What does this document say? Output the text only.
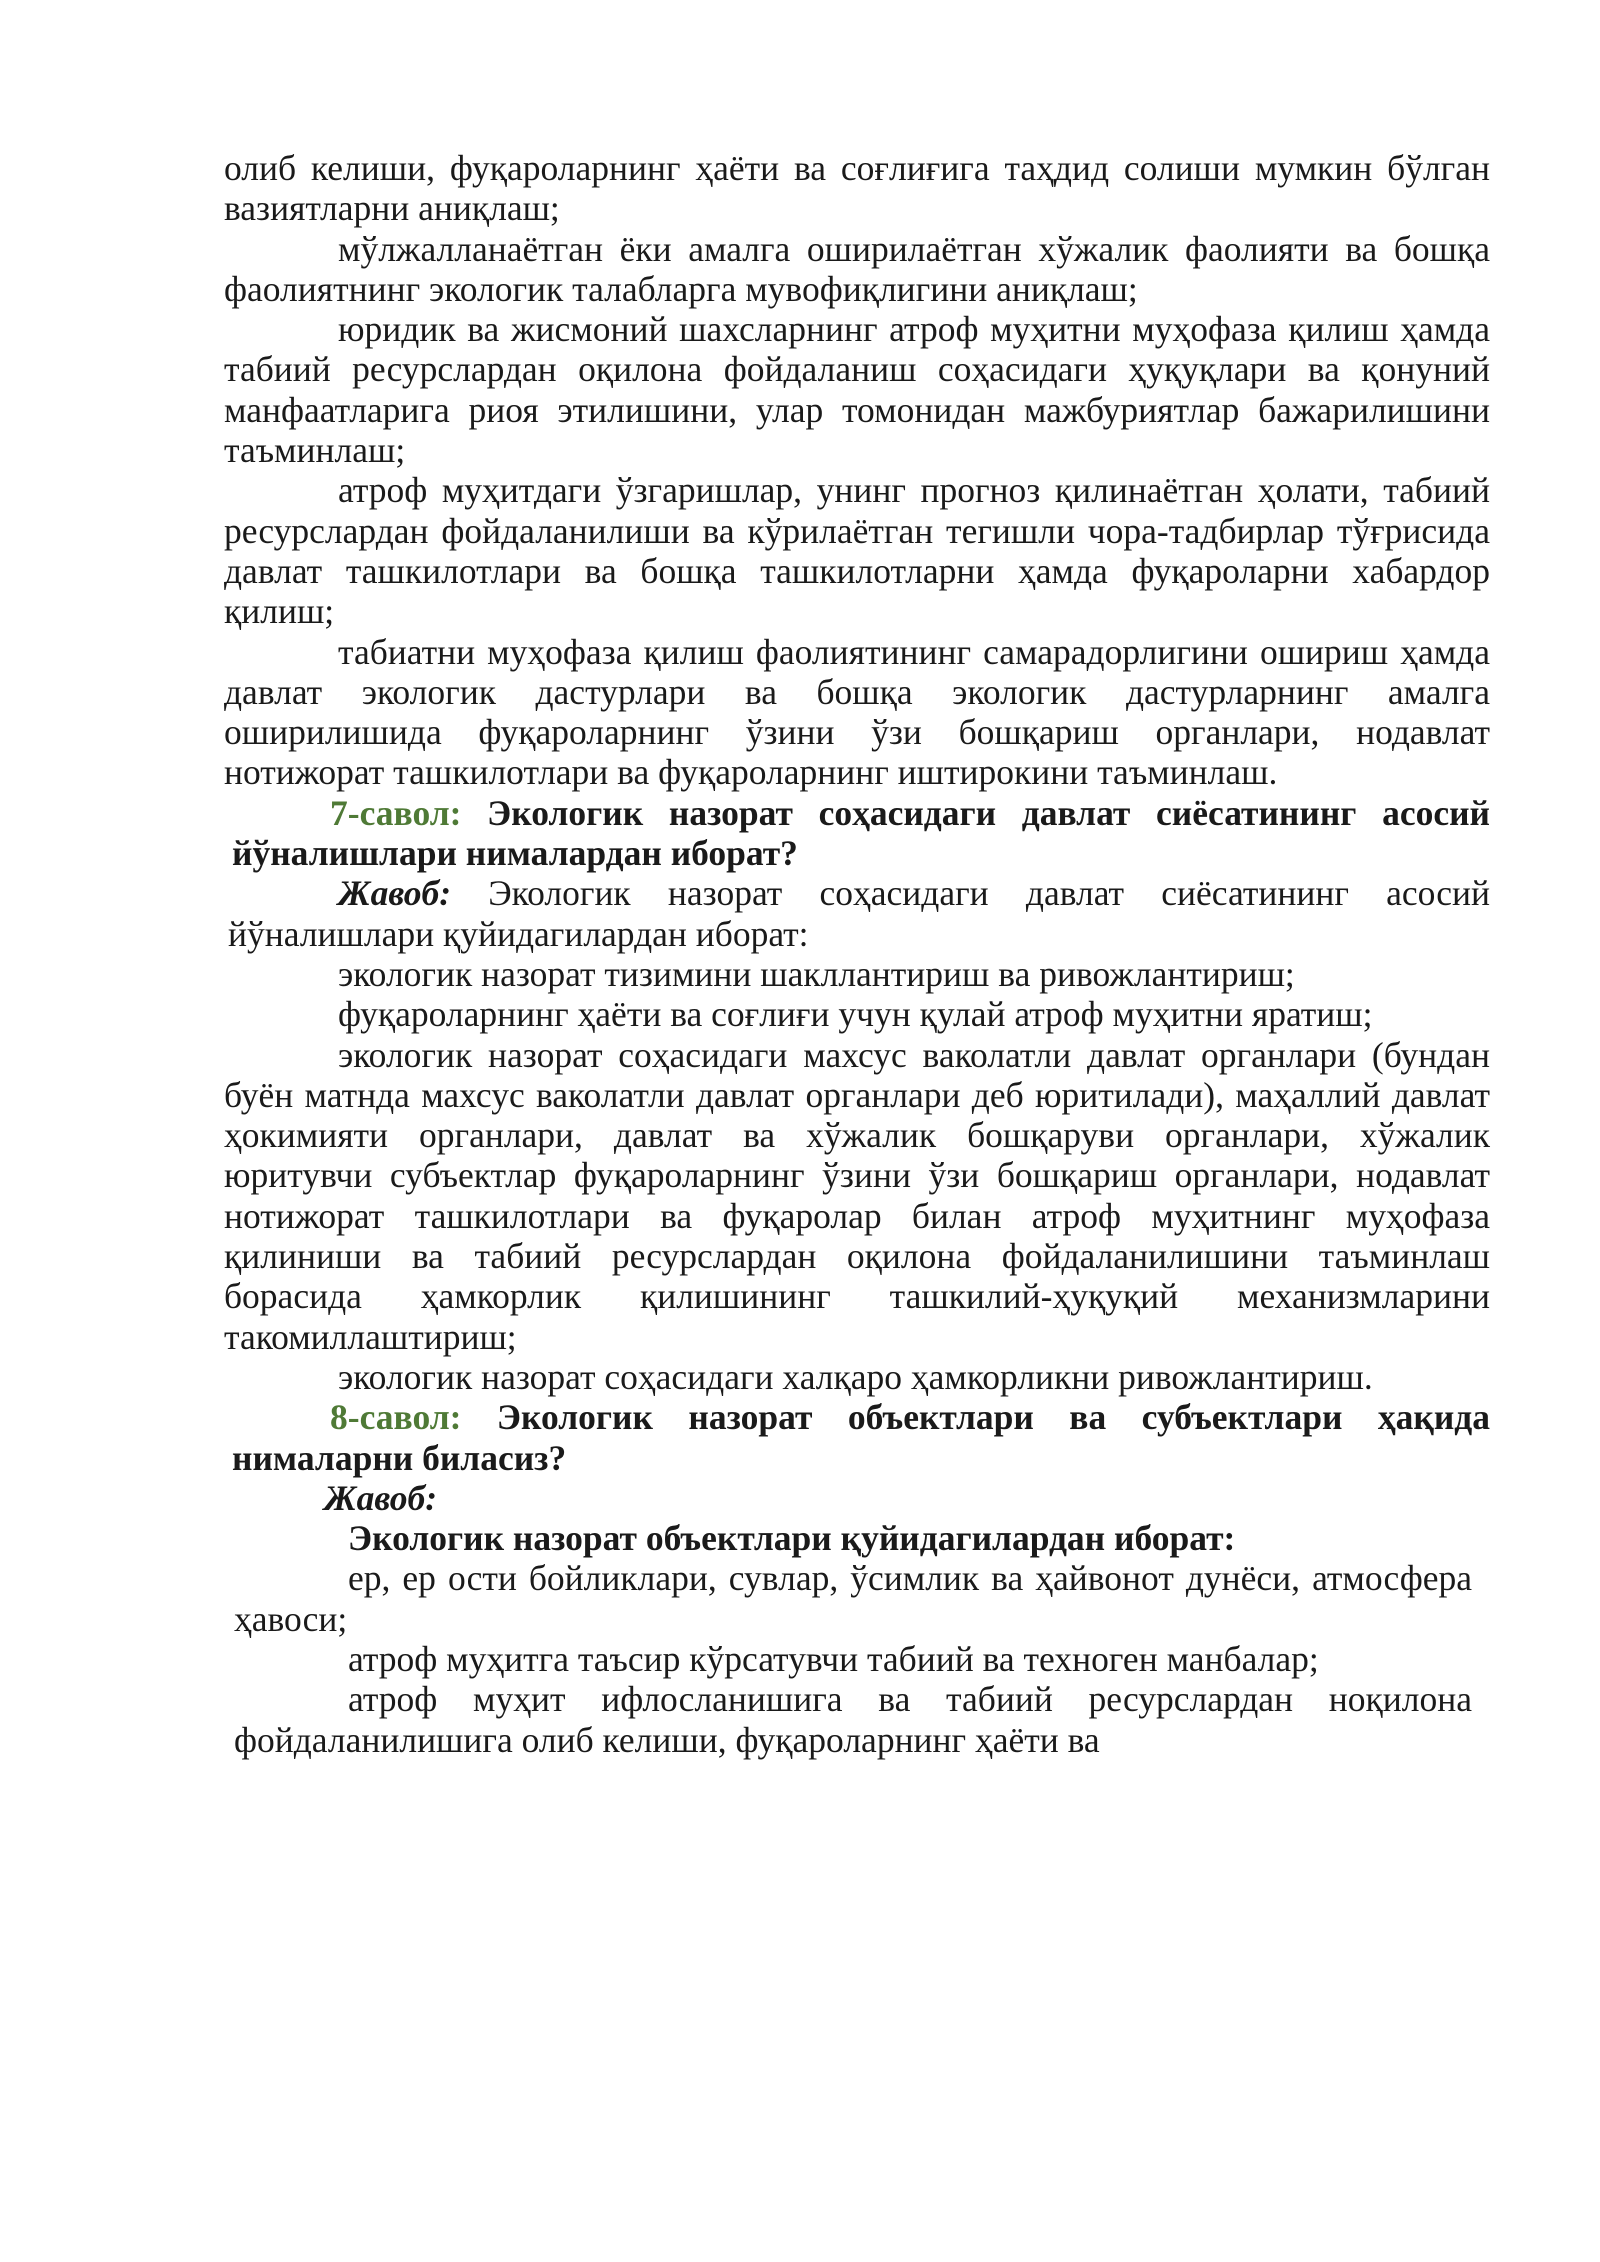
олиб келиши, фуқароларнинг ҳаёти ва соғлиғига таҳдид солиши мумкин бўлган вазиятларни аниқлаш;

мўлжалланаётган ёки амалга оширилаётган хўжалик фаолияти ва бошқа фаолиятнинг экологик талабларга мувофиқлигини аниқлаш;

юридик ва жисмоний шахсларнинг атроф муҳитни муҳофаза қилиш ҳамда табиий ресурслардан оқилона фойдаланиш соҳасидаги ҳуқуқлари ва қонуний манфаатларига риоя этилишини, улар томонидан мажбуриятлар бажарилишини таъминлаш;

атроф муҳитдаги ўзгаришлар, унинг прогноз қилинаётган ҳолати, табиий ресурслардан фойдаланилиши ва кўрилаётган тегишли чора-тадбирлар тўғрисида давлат ташкилотлари ва бошқа ташкилотларни ҳамда фуқароларни хабардор қилиш;

табиатни муҳофаза қилиш фаолиятининг самарадорлигини ошириш ҳамда давлат экологик дастурлари ва бошқа экологик дастурларнинг амалга оширилишида фуқароларнинг ўзини ўзи бошқариш органлари, нодавлат нотижорат ташкилотлари ва фуқароларнинг иштирокини таъминлаш.

7-савол: Экологик назорат соҳасидаги давлат сиёсатининг асосий йўналишлари нималардан иборат?

Жавоб: Экологик назорат соҳасидаги давлат сиёсатининг асосий йўналишлари қуйидагилардан иборат:

экологик назорат тизимини шакллантириш ва ривожлантириш;

фуқароларнинг ҳаёти ва соғлиғи учун қулай атроф муҳитни яратиш;

экологик назорат соҳасидаги махсус ваколатли давлат органлари (бундан буён матнда махсус ваколатли давлат органлари деб юритилади), маҳаллий давлат ҳокимияти органлари, давлат ва хўжалик бошқаруви органлари, хўжалик юритувчи субъектлар фуқароларнинг ўзини ўзи бошқариш органлари, нодавлат нотижорат ташкилотлари ва фуқаролар билан атроф муҳитнинг муҳофаза қилиниши ва табиий ресурслардан оқилона фойдаланилишини таъминлаш борасида ҳамкорлик қилишининг ташкилий-ҳуқуқий механизмларини такомиллаштириш;

экологик назорат соҳасидаги халқаро ҳамкорликни ривожлантириш.

8-савол: Экологик назорат объектлари ва субъектлари ҳақида нималарни биласиз?

Жавоб:

Экологик назорат объектлари қуйидагилардан иборат:

ер, ер ости бойликлари, сувлар, ўсимлик ва ҳайвонот дунёси, атмосфера ҳавоси;

атроф муҳитга таъсир кўрсатувчи табиий ва техноген манбалар;

атроф муҳит ифлосланишига ва табиий ресурслардан ноқилона фойдаланилишига олиб келиши, фуқароларнинг ҳаёти ва
